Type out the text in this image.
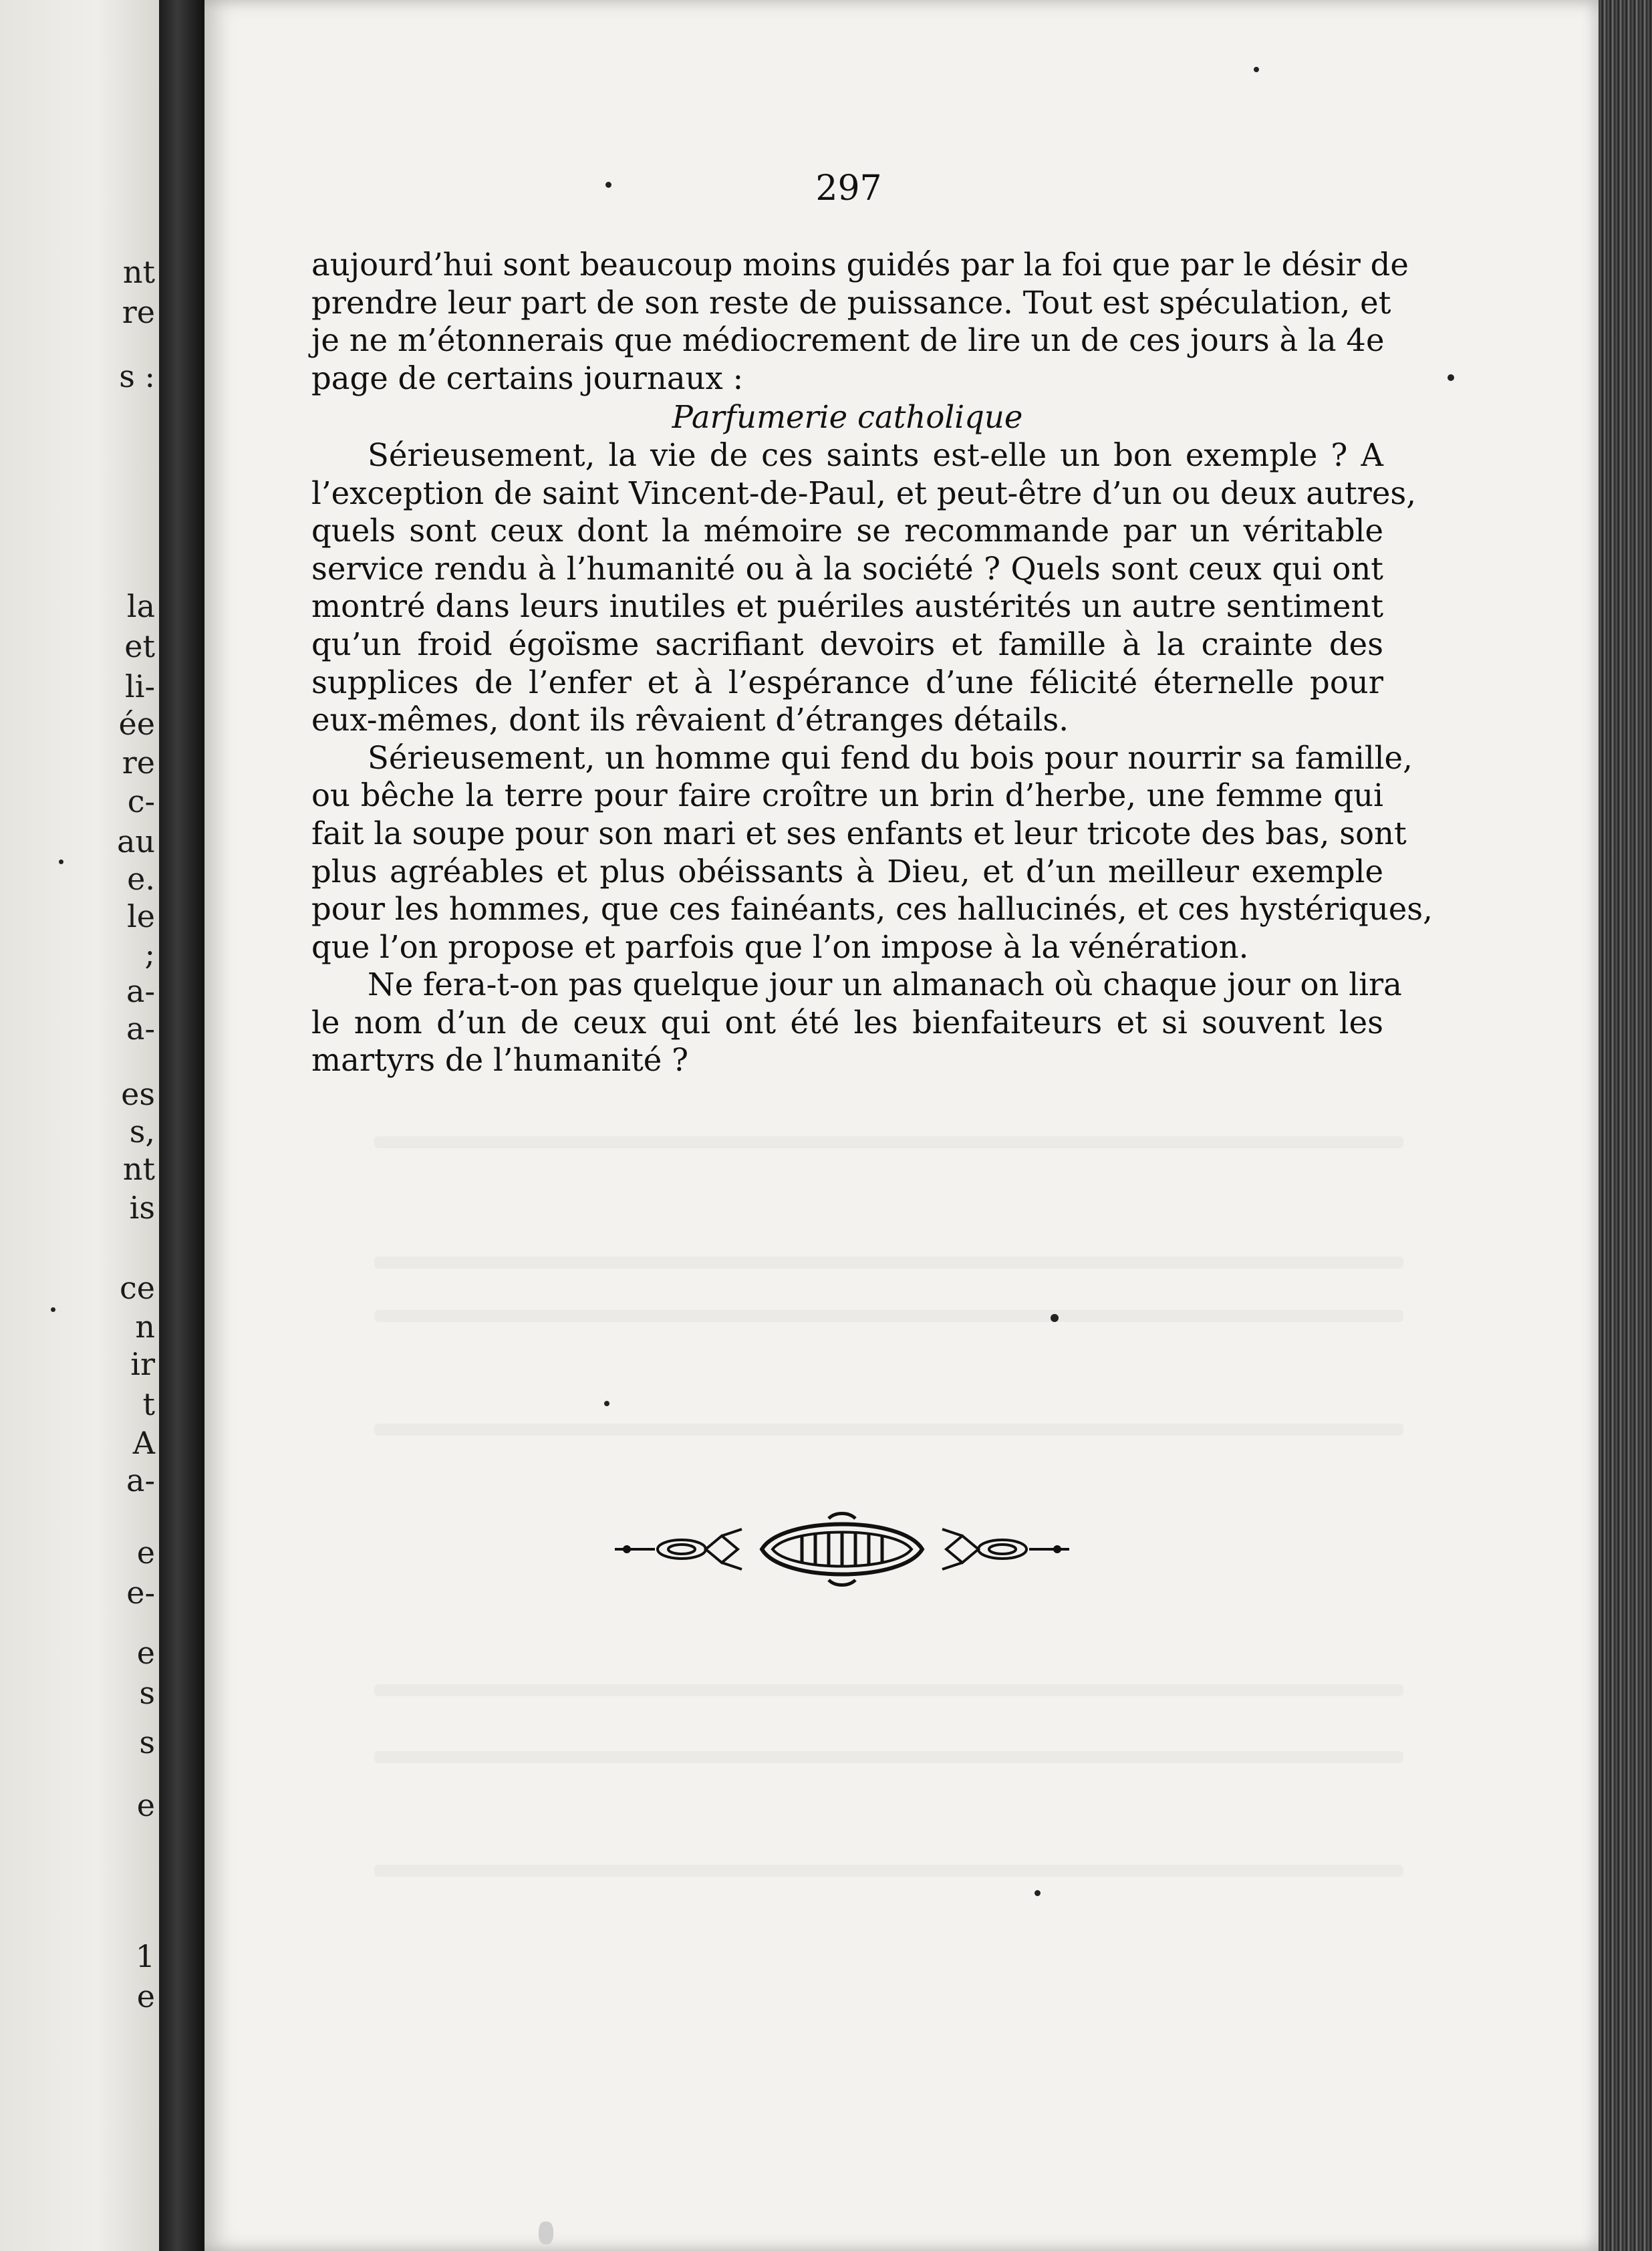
nt
re
s :
la
et
li-
ée
re
c-
au
e.
le
;
a-
a-
es
s,
nt
is
ce
n
ir
t
A
a-
e
e-
e
s
s
e
1
e
297
aujourd’hui sont beaucoup moins guidés par la foi que par le désir de
prendre leur part de son reste de puissance. Tout est spéculation, et
je ne m’étonnerais que médiocrement de lire un de ces jours à la 4e
page de certains journaux :
Parfumerie catholique
Sérieusement, la vie de ces saints est-elle un bon exemple ? A
l’exception de saint Vincent-de-Paul, et peut-être d’un ou deux autres,
quels sont ceux dont la mémoire se recommande par un véritable
service rendu à l’humanité ou à la société ? Quels sont ceux qui ont
montré dans leurs inutiles et puériles austérités un autre sentiment
qu’un froid égoïsme sacrifiant devoirs et famille à la crainte des
supplices de l’enfer et à l’espérance d’une félicité éternelle pour
eux-mêmes, dont ils rêvaient d’étranges détails.
Sérieusement, un homme qui fend du bois pour nourrir sa famille,
ou bêche la terre pour faire croître un brin d’herbe, une femme qui
fait la soupe pour son mari et ses enfants et leur tricote des bas, sont
plus agréables et plus obéissants à Dieu, et d’un meilleur exemple
pour les hommes, que ces fainéants, ces hallucinés, et ces hystériques,
que l’on propose et parfois que l’on impose à la vénération.
Ne fera-t-on pas quelque jour un almanach où chaque jour on lira
le nom d’un de ceux qui ont été les bienfaiteurs et si souvent les
martyrs de l’humanité ?
